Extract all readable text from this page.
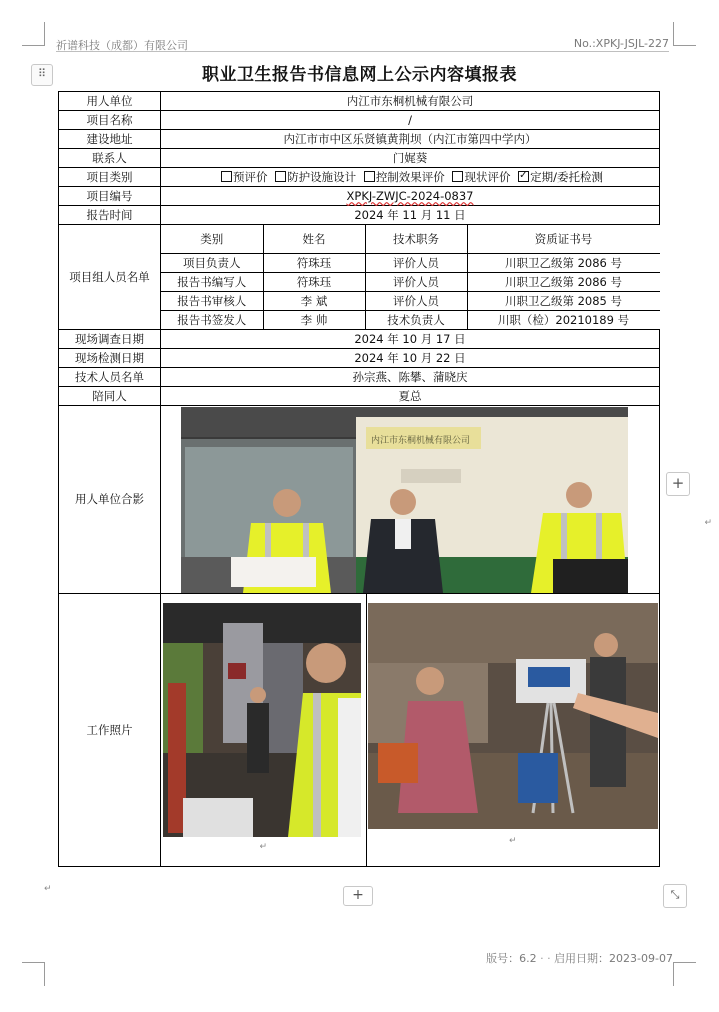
祈谱科技（成都）有限公司	No.:XPKJ-JSJL-227
⠿	职业卫生报告书信息网上公示内容填报表
用人单位	内江市东桐机械有限公司
项目名称	/
建设地址	内江市市中区乐贤镇黄荆坝（内江市第四中学内）
联系人	门娓葵
项目类别	预评价 防护设施设计 控制效果评价 现状评价 ✓ 定期/委托检测
项目编号	XPKJ-ZWJC-2024-0837
报告时间	2024 年 11 月 11 日
项目组人员名单	
类别	姓名	技术职务	资质证书号
项目负责人	符珠珏	评价人员	川职卫乙级第 2086 号
报告书编写人	符珠珏	评价人员	川职卫乙级第 2086 号
报告书审核人	李 斌	评价人员	川职卫乙级第 2085 号
报告书签发人	李 帅	技术负责人	川职（检）20210189 号

现场调查日期	2024 年 10 月 17 日
现场检测日期	2024 年 10 月 22 日
技术人员名单	孙宗燕、陈攀、蒲晓庆
陪同人	夏总
用人单位合影	
内江市东桐机械有限公司
↵

工作照片	
↵

↵
+
⤡
+
↵
版号：6.2 · · 启用日期：2023-09-07
